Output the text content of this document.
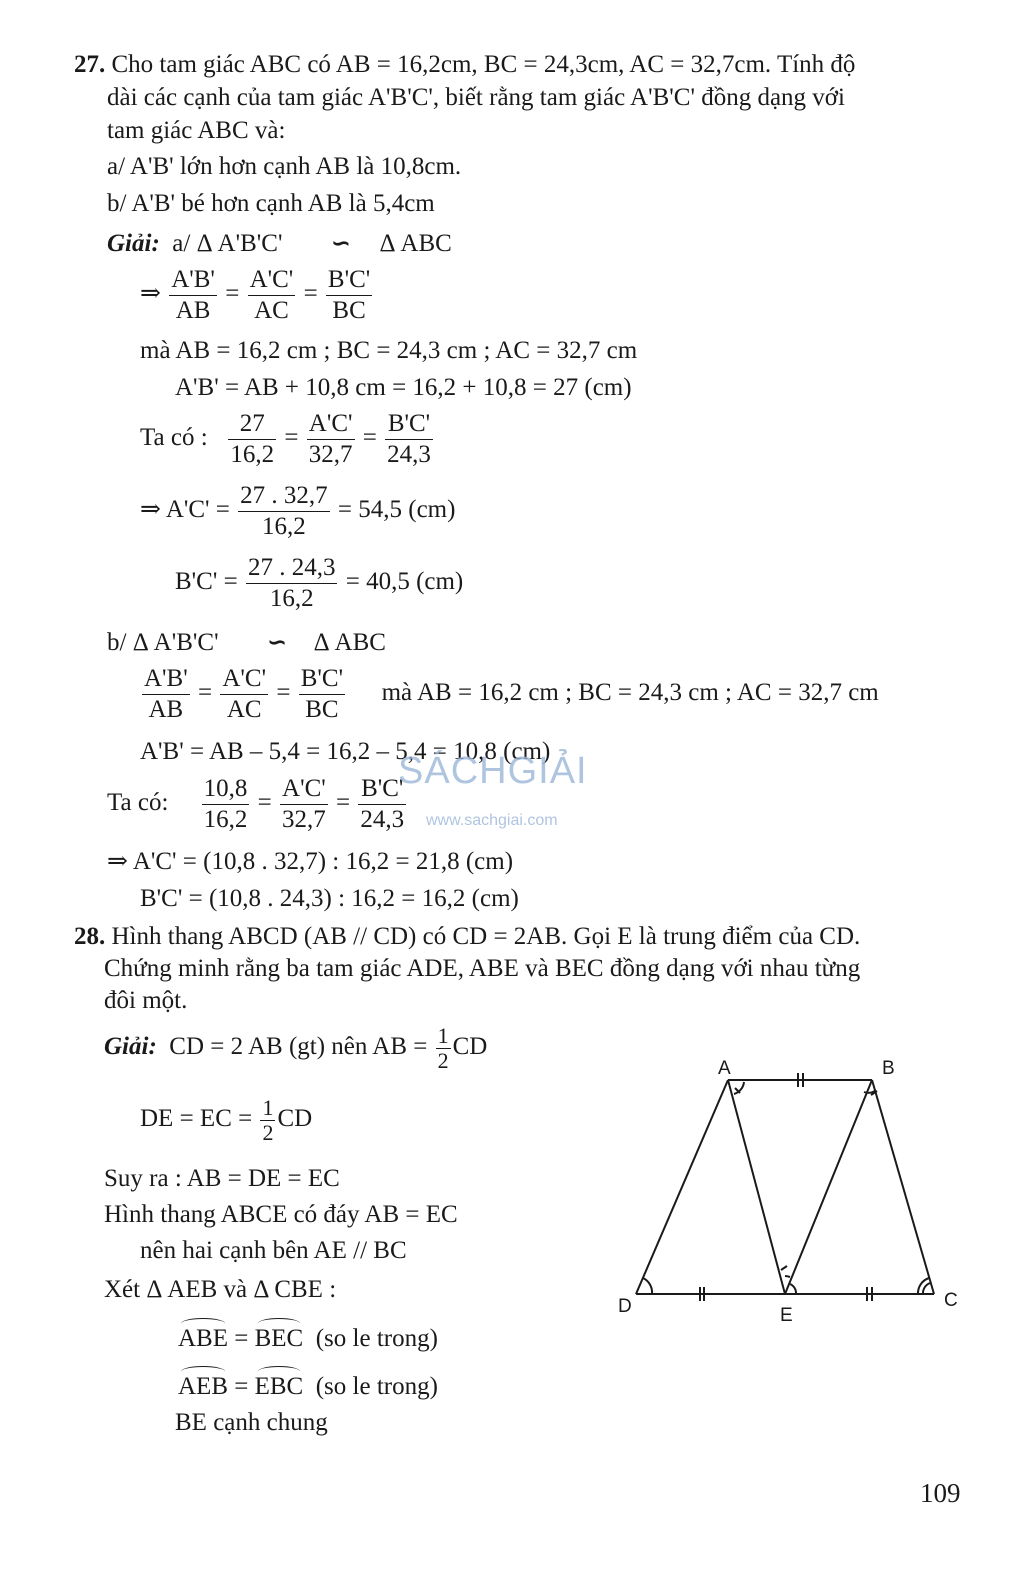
27. Cho tam giác ABC có AB = 16,2cm, BC = 24,3cm, AC = 32,7cm. Tính độ
dài các cạnh của tam giác A'B'C', biết rằng tam giác A'B'C' đồng dạng với
tam giác ABC và:
a/ A'B' lớn hơn cạnh AB là 10,8cm.
b/ A'B' bé hơn cạnh AB là 5,4cm
Giải: a/ Δ A'B'C' ∽ Δ ABC
⇒ $\frac{A'B'}{AB} = \frac{A'C'}{AC} = \frac{B'C'}{BC}$
mà AB = 16,2 cm ; BC = 24,3 cm ; AC = 32,7 cm
A'B' = AB + 10,8 cm = 16,2 + 10,8 = 27 (cm)
Ta có : $\frac{27}{16,2} = \frac{A'C'}{32,7} = \frac{B'C'}{24,3}$
⇒ $A'C' = \frac{27 . 32,7}{16,2} = 54,5$ (cm)
$B'C' = \frac{27 . 24,3}{16,2} = 40,5$ (cm)
b/ Δ A'B'C' ∽ Δ ABC
$\frac{A'B'}{AB} = \frac{A'C'}{AC} = \frac{B'C'}{BC}$ mà AB = 16,2 cm ; BC = 24,3 cm ; AC = 32,7 cm
A'B' = AB – 5,4 = 16,2 – 5,4 = 10,8 (cm)
Ta có: $\frac{10,8}{16,2} = \frac{A'C'}{32,7} = \frac{B'C'}{24,3}$
⇒ A'C' = (10,8 . 32,7) : 16,2 = 21,8 (cm)
B'C' = (10,8 . 24,3) : 16,2 = 16,2 (cm)
SÁCHGIẢI
www.sachgiai.com
28. Hình thang ABCD (AB // CD) có CD = 2AB. Gọi E là trung điểm của CD.
Chứng minh rằng ba tam giác ADE, ABE và BEC đồng dạng với nhau từng
đôi một.
Giải: CD = 2 AB (gt) nên AB = $\frac{1}{2}$ CD
DE = EC = $\frac{1}{2}$ CD
Suy ra : AB = DE = EC
Hình thang ABCE có đáy AB = EC
nên hai cạnh bên AE // BC
Xét Δ AEB và Δ CBE :
ABE = BEC (so le trong)
AEB = EBC (so le trong)
BE cạnh chung
A	B
C
D	E
109
